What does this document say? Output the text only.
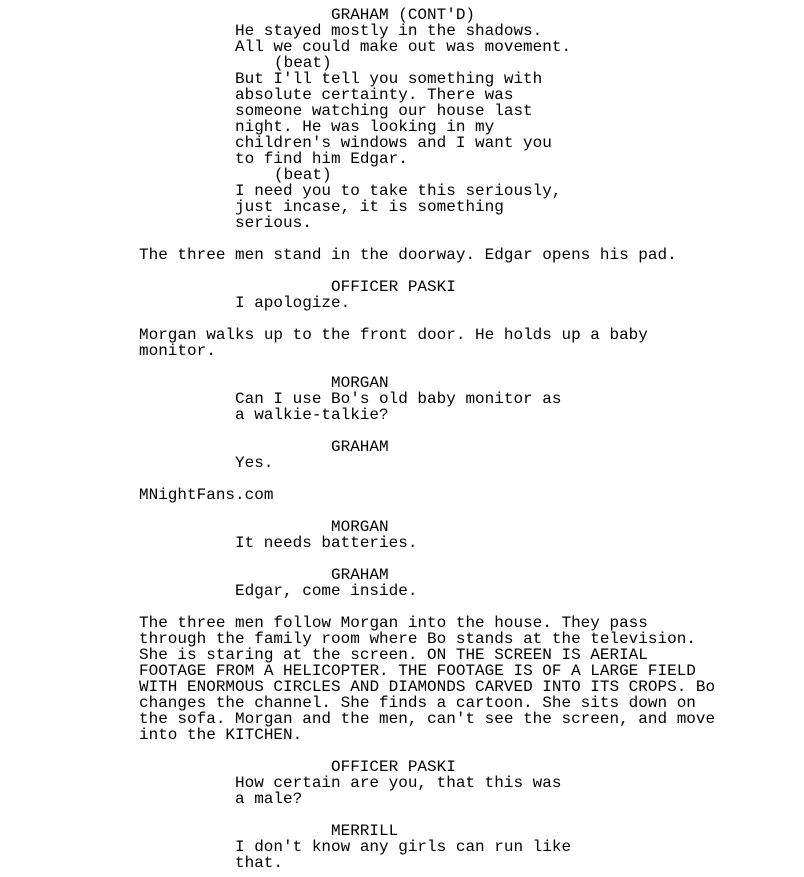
GRAHAM (CONT'D)
He stayed mostly in the shadows.
All we could make out was movement.
(beat)
But I'll tell you something with
absolute certainty. There was
someone watching our house last
night. He was looking in my
children's windows and I want you
to find him Edgar.
(beat)
I need you to take this seriously,
just incase, it is something
serious.
The three men stand in the doorway. Edgar opens his pad.
OFFICER PASKI
I apologize.
Morgan walks up to the front door. He holds up a baby
monitor.
MORGAN
Can I use Bo's old baby monitor as
a walkie-talkie?
GRAHAM
Yes.
MNightFans.com
MORGAN
It needs batteries.
GRAHAM
Edgar, come inside.
The three men follow Morgan into the house. They pass
through the family room where Bo stands at the television.
She is staring at the screen. ON THE SCREEN IS AERIAL
FOOTAGE FROM A HELICOPTER. THE FOOTAGE IS OF A LARGE FIELD
WITH ENORMOUS CIRCLES AND DIAMONDS CARVED INTO ITS CROPS. Bo
changes the channel. She finds a cartoon. She sits down on
the sofa. Morgan and the men, can't see the screen, and move
into the KITCHEN.
OFFICER PASKI
How certain are you, that this was
a male?
MERRILL
I don't know any girls can run like
that.
